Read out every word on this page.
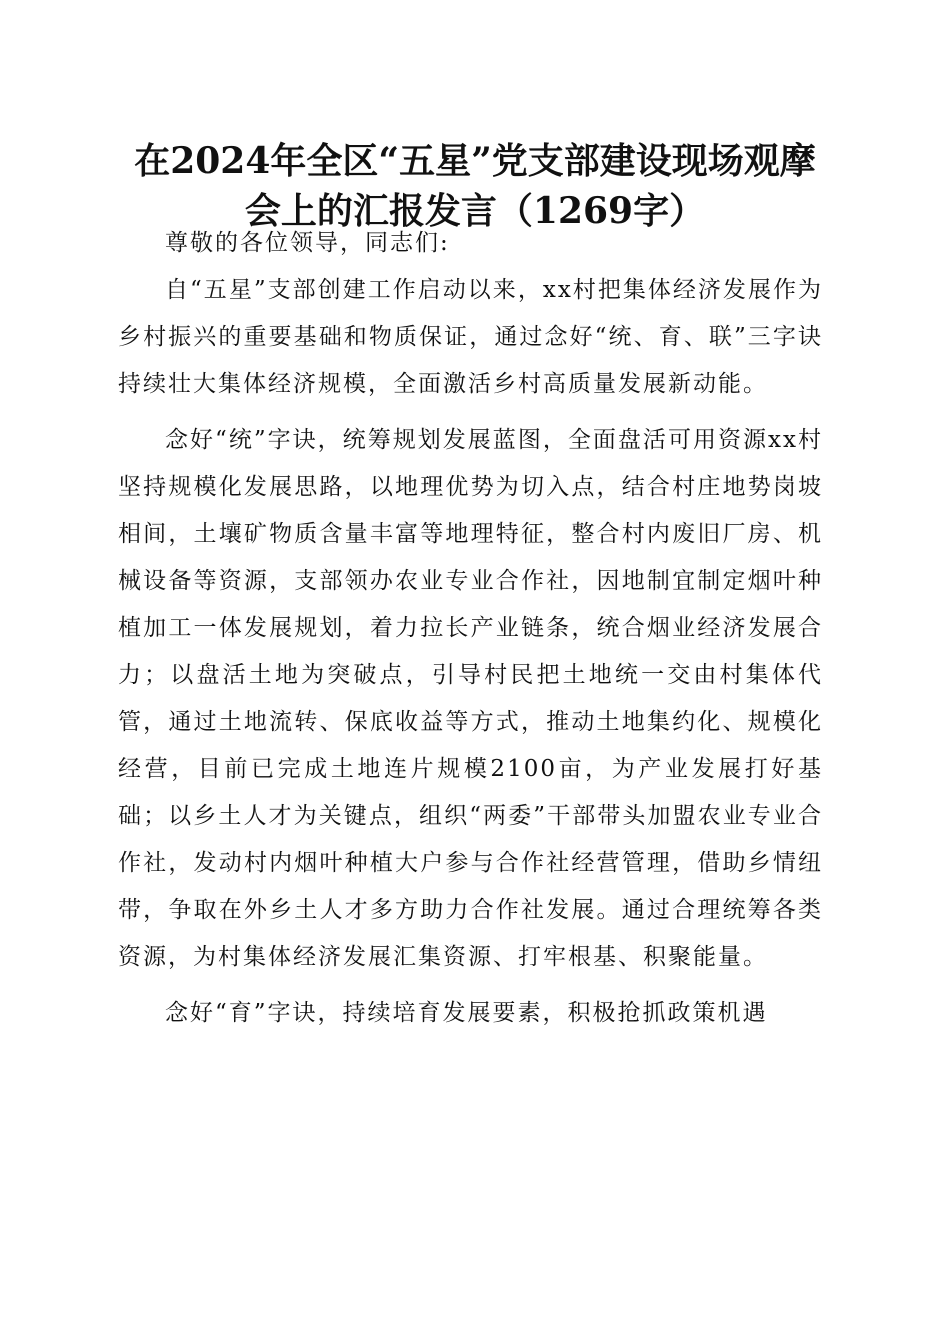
在2024年全区“五星”党支部建设现场观摩
会上的汇报发言（1269字）

尊敬的各位领导，同志们:

自“五星”支部创建工作启动以来，xx村把集体经济发展作为乡村振兴的重要基础和物质保证，通过念好“统、育、联”三字诀持续壮大集体经济规模，全面激活乡村高质量发展新动能。

念好“统”字诀，统筹规划发展蓝图，全面盘活可用资源xx村坚持规模化发展思路，以地理优势为切入点，结合村庄地势岗坡相间，土壤矿物质含量丰富等地理特征，整合村内废旧厂房、机械设备等资源，支部领办农业专业合作社，因地制宜制定烟叶种植加工一体发展规划，着力拉长产业链条，统合烟业经济发展合力；以盘活土地为突破点，引导村民把土地统一交由村集体代管，通过土地流转、保底收益等方式，推动土地集约化、规模化经营，目前已完成土地连片规模2100亩，为产业发展打好基础；以乡土人才为关键点，组织“两委”干部带头加盟农业专业合作社，发动村内烟叶种植大户参与合作社经营管理，借助乡情纽带，争取在外乡土人才多方助力合作社发展。通过合理统筹各类资源，为村集体经济发展汇集资源、打牢根基、积聚能量。

念好“育”字诀，持续培育发展要素，积极抢抓政策机遇
